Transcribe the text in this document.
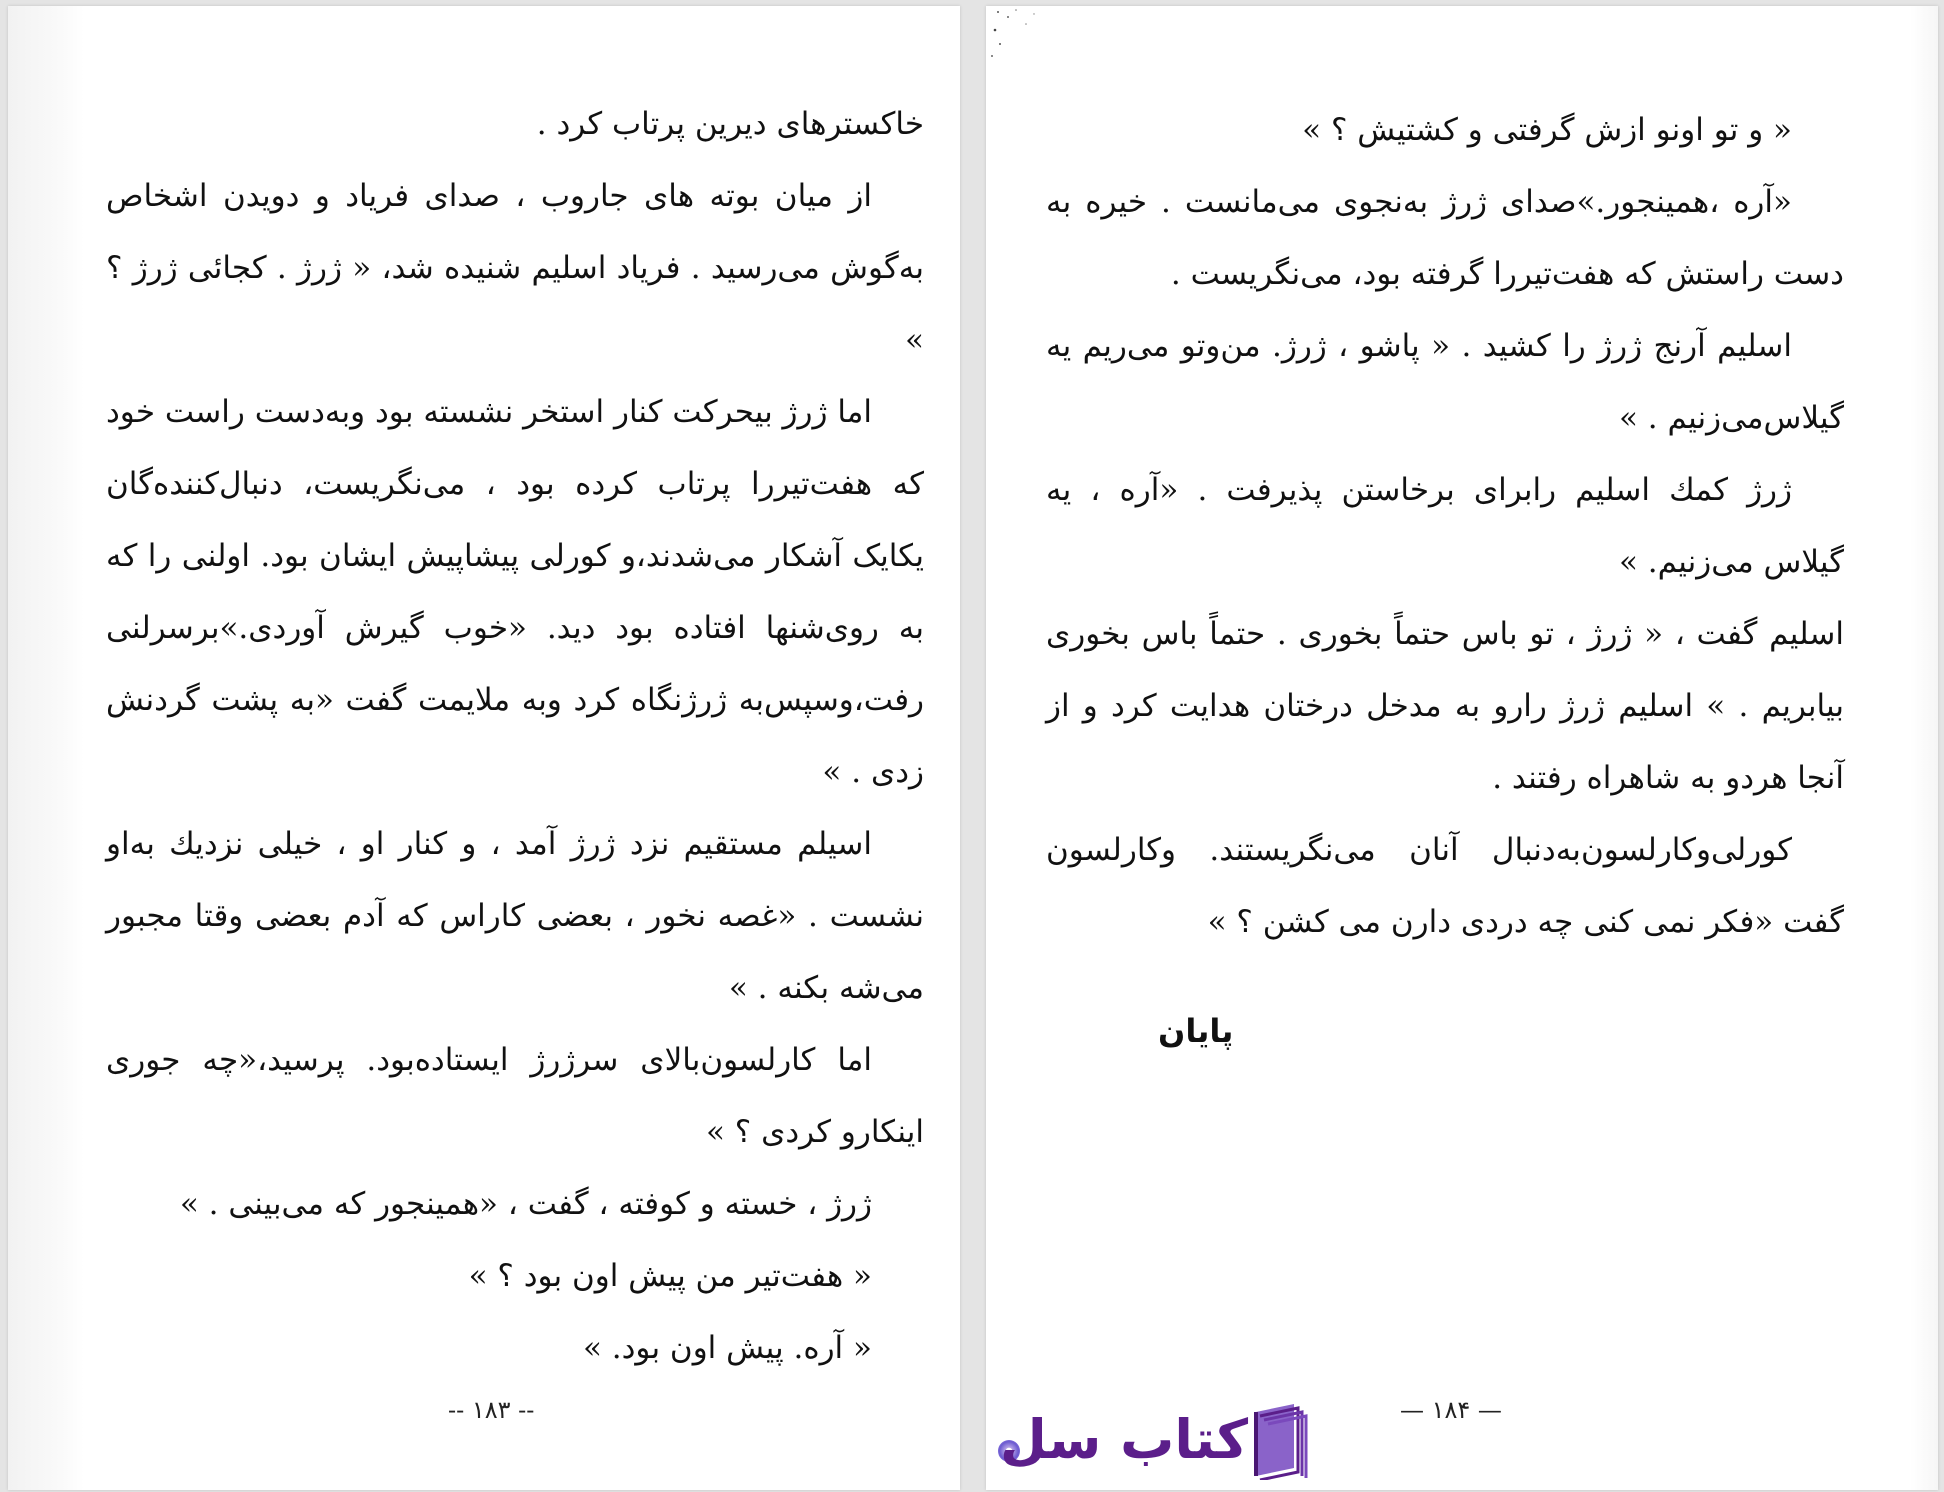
خاکسترهای دیرین پرتاب کرد .

از میان بوته های جاروب ، صدای فریاد و دویدن اشخاص به‌گوش می‌رسید . فریاد اسلیم شنیده شد، « ژرژ . کجائی ژرژ ؟ »

اما ژرژ بیحرکت کنار استخر نشسته بود وبه‌دست راست خود که هفت‌تیررا پرتاب کرده بود ، می‌نگریست، دنبال‌کننده‌گان یکایک آشکار می‌شدند،و کورلی پیشاپیش ایشان بود. اولنی را که به روی‌شنها افتاده بود دید. «خوب گیرش آوردی.»برسرلنی رفت،وسپس‌به ژرژنگاه کرد وبه ملایمت گفت «به پشت گردنش زدی . »

اسیلم مستقیم نزد ژرژ آمد ، و کنار او ، خیلی نزدیك به‌او نشست . «غصه نخور ، بعضی کاراس که آدم بعضی وقتا مجبور می‌شه بکنه . »

اما کارلسون‌بالای سرژرژ ایستاده‌بود. پرسید،«چه جوری اینکارو کردی ؟ »

ژرژ ، خسته و کوفته ، گفت ، «همینجور که می‌بینی . »

« هفت‌تیر من پیش اون بود ؟ »

« آره. پیش اون بود. »

-- ۱۸۳ --

« و تو اونو ازش گرفتی و کشتیش ؟ »

«آره ،همینجور.»صدای ژرژ به‌نجوی می‌مانست . خیره به دست راستش که هفت‌تیررا گرفته بود، می‌نگریست .

اسلیم آرنج ژرژ را کشید . « پاشو ، ژرژ. من‌وتو می‌ریم یه گیلاس‌می‌زنیم . »

ژرژ کمك اسلیم رابرای برخاستن پذیرفت . «آره ، یه گیلاس می‌زنیم. »

اسلیم گفت ، « ژرژ ، تو باس حتماً بخوری . حتماً باس بخوری بیابریم . » اسلیم ژرژ رارو به مدخل درختان هدایت کرد و از آنجا هردو به شاهراه رفتند .

کورلی‌وکارلسون‌به‌دنبال آنان می‌نگریستند. وکارلسون گفت «فکر نمی کنی چه دردی دارن می کشن ؟ »

پایان
— ۱۸۴ —
کتاب سل
